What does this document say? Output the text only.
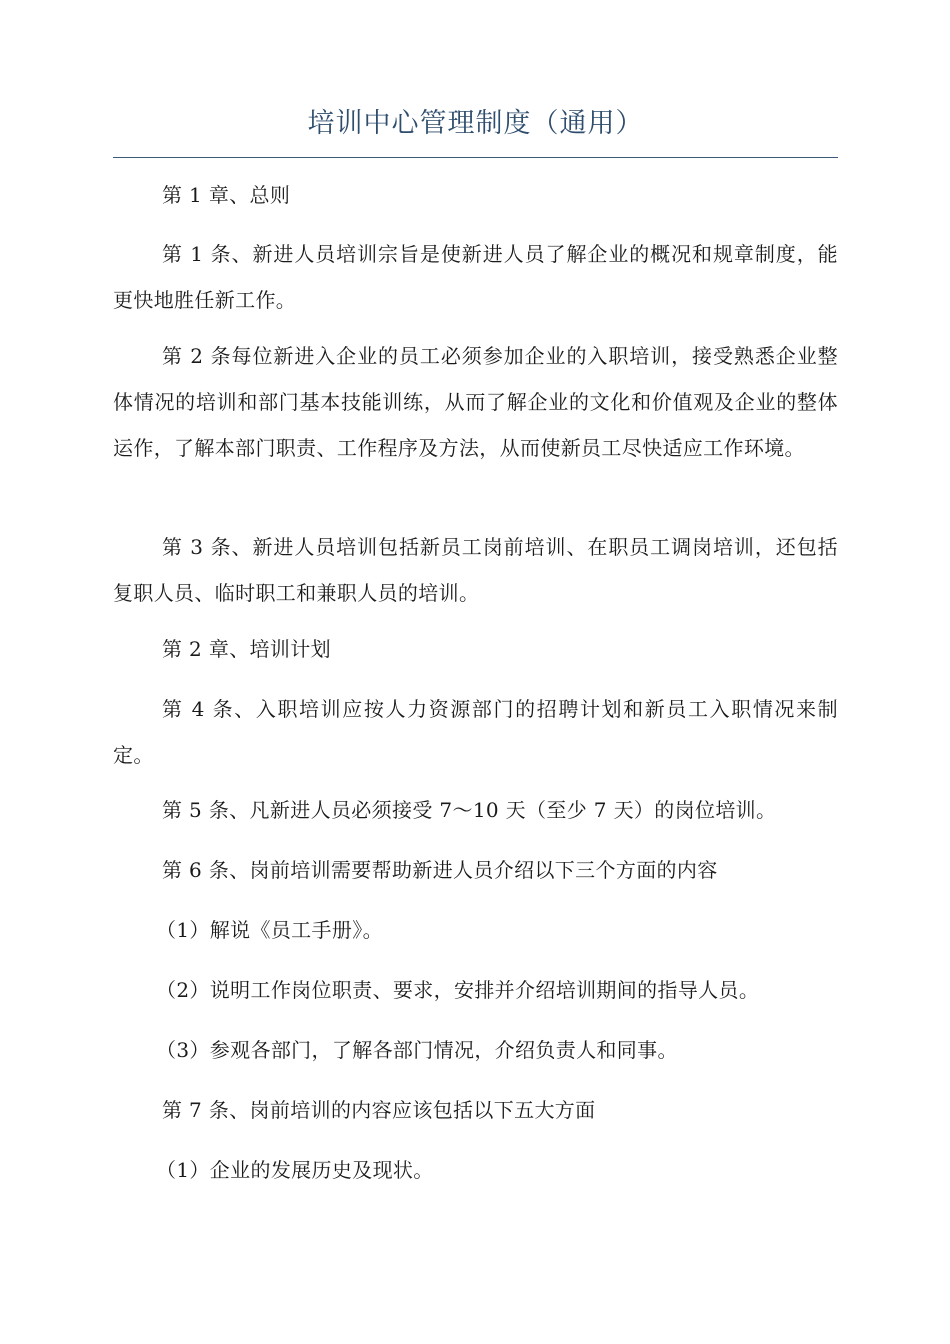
培训中心管理制度（通用）

第 1 章、总则

第 1 条、新进人员培训宗旨是使新进人员了解企业的概况和规章制度，能更快地胜任新工作。

第 2 条每位新进入企业的员工必须参加企业的入职培训，接受熟悉企业整体情况的培训和部门基本技能训练，从而了解企业的文化和价值观及企业的整体运作，了解本部门职责、工作程序及方法，从而使新员工尽快适应工作环境。

第 3 条、新进人员培训包括新员工岗前培训、在职员工调岗培训，还包括复职人员、临时职工和兼职人员的培训。

第 2 章、培训计划

第 4 条、入职培训应按人力资源部门的招聘计划和新员工入职情况来制定。

第 5 条、凡新进人员必须接受 7～10 天（至少 7 天）的岗位培训。

第 6 条、岗前培训需要帮助新进人员介绍以下三个方面的内容

（1）解说《员工手册》。

（2）说明工作岗位职责、要求，安排并介绍培训期间的指导人员。

（3）参观各部门，了解各部门情况，介绍负责人和同事。

第 7 条、岗前培训的内容应该包括以下五大方面

（1）企业的发展历史及现状。
